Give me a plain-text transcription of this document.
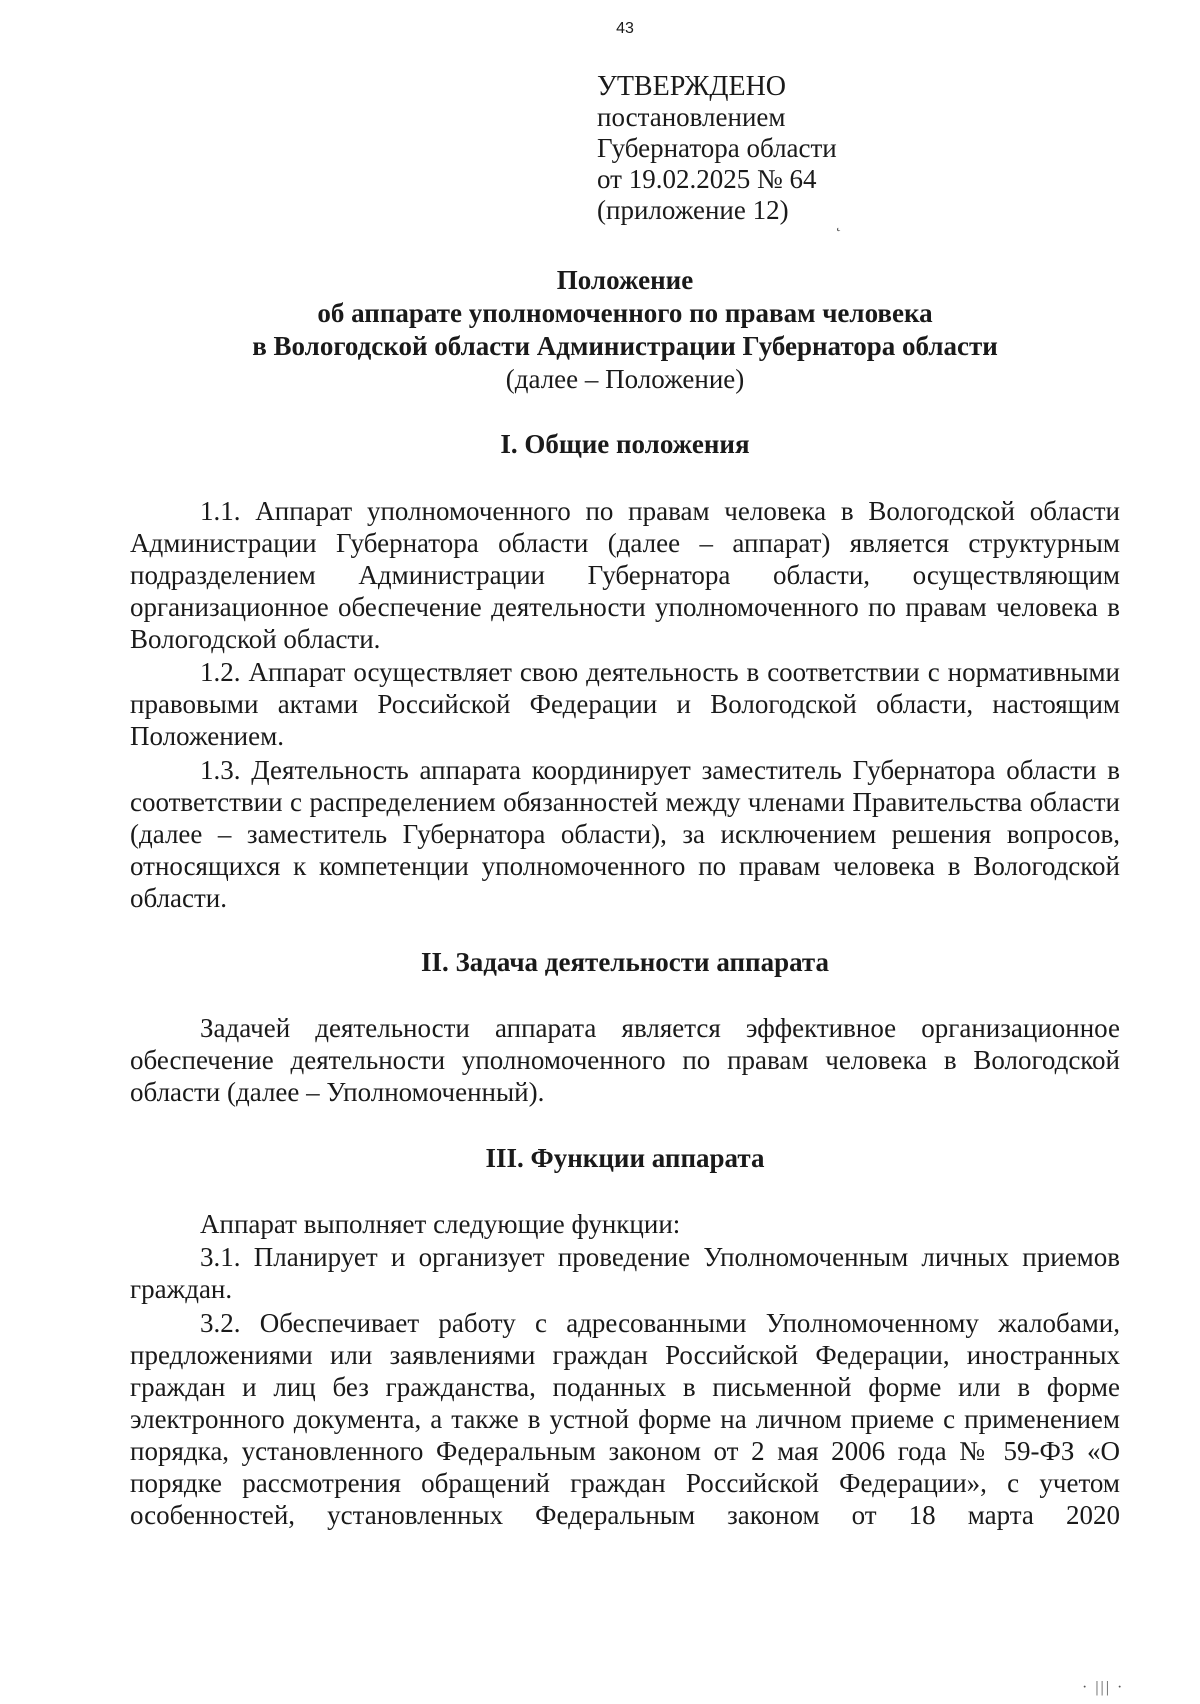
43
УТВЕРЖДЕНО
постановлением
Губернатора области
от 19.02.2025 № 64
(приложение 12)	˛
Положение
об аппарате уполномоченного по правам человека
в Вологодской области Администрации Губернатора области
(далее – Положение)
I. Общие положения

1.1. Аппарат уполномоченного по правам человека в Вологодской области Администрации Губернатора области (далее – аппарат) является структурным подразделением Администрации Губернатора области, осуществляющим организационное обеспечение деятельности уполномоченного по правам человека в Вологодской области.

1.2. Аппарат осуществляет свою деятельность в соответствии с нормативными правовыми актами Российской Федерации и Вологодской области, настоящим Положением.

1.3. Деятельность аппарата координирует заместитель Губернатора области в соответствии с распределением обязанностей между членами Правительства области (далее – заместитель Губернатора области), за исключением решения вопросов, относящихся к компетенции уполномоченного по правам человека в Вологодской области.

II. Задача деятельности аппарата

Задачей деятельности аппарата является эффективное организационное обеспечение деятельности уполномоченного по правам человека в Вологодской области (далее – Уполномоченный).

III. Функции аппарата

Аппарат выполняет следующие функции:

3.1. Планирует и организует проведение Уполномоченным личных приемов граждан.

3.2. Обеспечивает работу с адресованными Уполномоченному жалобами, предложениями или заявлениями граждан Российской Федерации, иностранных граждан и лиц без гражданства, поданных в письменной форме или в форме электронного документа, а также в устной форме на личном приеме с применением порядка, установленного Федеральным законом от 2 мая 2006 года № 59-ФЗ «О порядке рассмотрения обращений граждан Российской Федерации», с учетом особенностей, установленных Федеральным законом от 18 марта 2020

· ||| ·
